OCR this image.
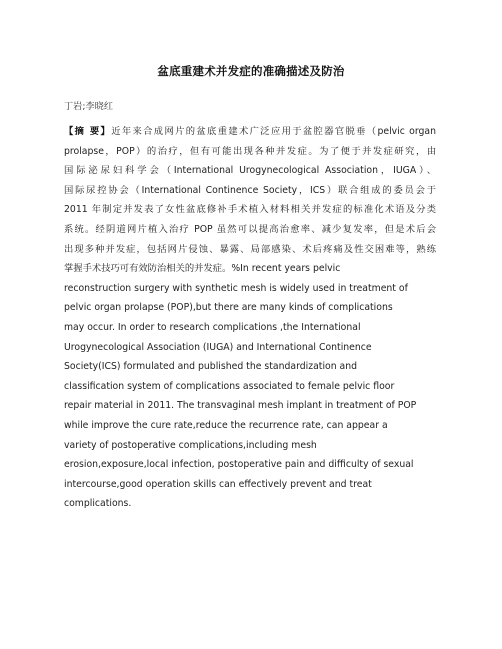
盆底重建术并发症的准确描述及防治
丁岩;李晓红
【摘 要】近年来合成网片的盆底重建术广泛应用于盆腔器官脱垂（pelvic organ
prolapse，POP）的治疗，但有可能出现各种并发症。为了便于并发症研究，由
国际泌尿妇科学会（International Urogynecological Association，IUGA）、
国际尿控协会（International Continence Society，ICS）联合组成的委员会于
2011 年制定并发表了女性盆底修补手术植入材料相关并发症的标准化术语及分类
系统。经阴道网片植入治疗 POP 虽然可以提高治愈率、减少复发率，但是术后会
出现多种并发症，包括网片侵蚀、暴露、局部感染、术后疼痛及性交困难等，熟练
掌握手术技巧可有效防治相关的并发症。%In recent years pelvic
reconstruction surgery with synthetic mesh is widely used in treatment of
pelvic organ prolapse (POP),but there are many kinds of complications
may occur. In order to research complications ,the International
Urogynecological Association (IUGA) and International Continence
Society(ICS) formulated and published the standardization and
classification system of complications associated to female pelvic floor
repair material in 2011. The transvaginal mesh implant in treatment of POP
while improve the cure rate,reduce the recurrence rate, can appear a
variety of postoperative complications,including mesh
erosion,exposure,local infection, postoperative pain and difficulty of sexual
intercourse,good operation skills can effectively prevent and treat
complications.
